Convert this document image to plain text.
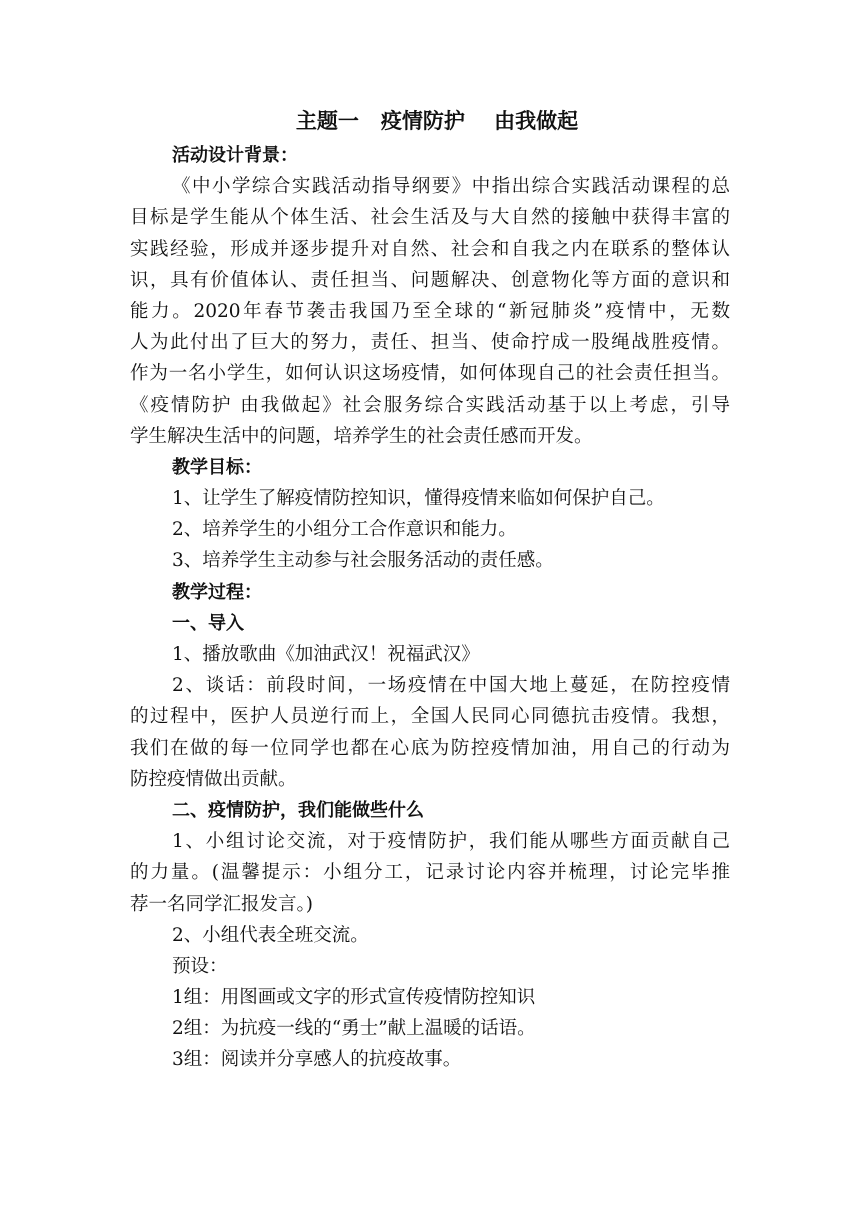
主题一   疫情防护    由我做起
活动设计背景：
《中小学综合实践活动指导纲要》中指出综合实践活动课程的总
目标是学生能从个体生活、社会生活及与大自然的接触中获得丰富的
实践经验，形成并逐步提升对自然、社会和自我之内在联系的整体认
识，具有价值体认、责任担当、问题解决、创意物化等方面的意识和
能力。2020年春节袭击我国乃至全球的“新冠肺炎”疫情中，无数
人为此付出了巨大的努力，责任、担当、使命拧成一股绳战胜疫情。
作为一名小学生，如何认识这场疫情，如何体现自己的社会责任担当。
《疫情防护 由我做起》社会服务综合实践活动基于以上考虑，引导
学生解决生活中的问题，培养学生的社会责任感而开发。
教学目标：
1、让学生了解疫情防控知识，懂得疫情来临如何保护自己。
2、培养学生的小组分工合作意识和能力。
3、培养学生主动参与社会服务活动的责任感。
教学过程：
一、导入
1、播放歌曲《加油武汉！祝福武汉》
2、谈话：前段时间，一场疫情在中国大地上蔓延，在防控疫情
的过程中，医护人员逆行而上，全国人民同心同德抗击疫情。我想，
我们在做的每一位同学也都在心底为防控疫情加油，用自己的行动为
防控疫情做出贡献。
二、疫情防护，我们能做些什么
1、小组讨论交流，对于疫情防护，我们能从哪些方面贡献自己
的力量。(温馨提示：小组分工，记录讨论内容并梳理，讨论完毕推
荐一名同学汇报发言。)
2、小组代表全班交流。
预设：
1组：用图画或文字的形式宣传疫情防控知识
2组：为抗疫一线的“勇士”献上温暖的话语。
3组：阅读并分享感人的抗疫故事。
